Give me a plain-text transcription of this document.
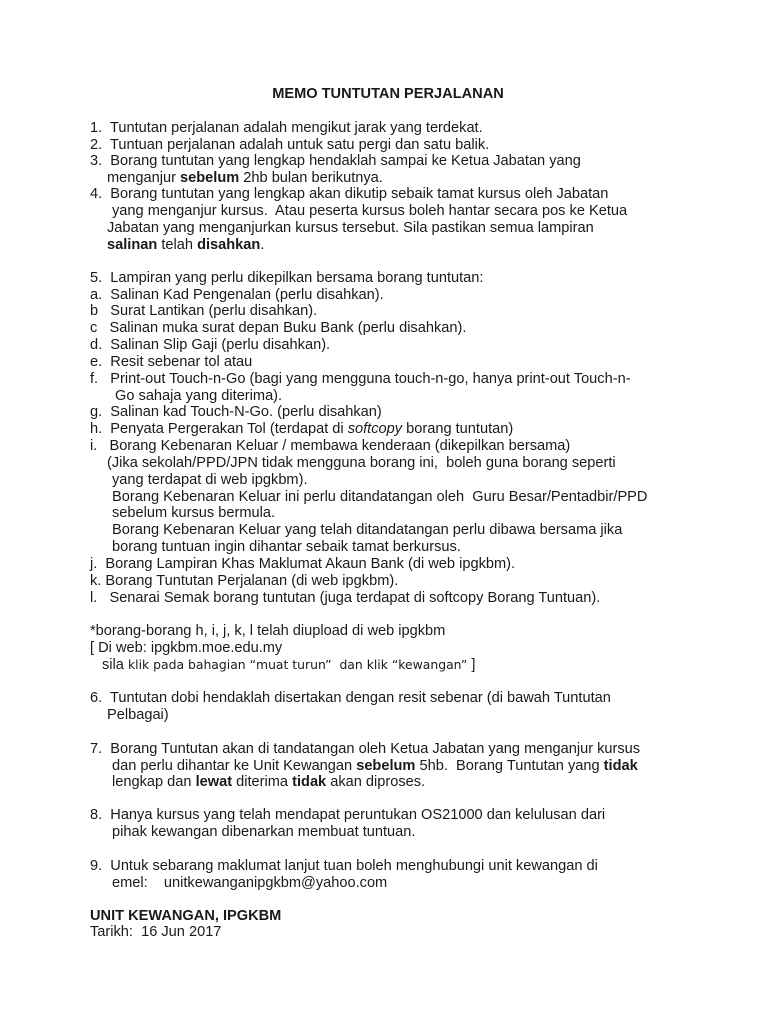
MEMO TUNTUTAN PERJALANAN
1.  Tuntutan perjalanan adalah mengikut jarak yang terdekat.
2.  Tuntuan perjalanan adalah untuk satu pergi dan satu balik.
3.  Borang tuntutan yang lengkap hendaklah sampai ke Ketua Jabatan yang
menganjur sebelum 2hb bulan berikutnya.
4.  Borang tuntutan yang lengkap akan dikutip sebaik tamat kursus oleh Jabatan
yang menganjur kursus.  Atau peserta kursus boleh hantar secara pos ke Ketua
Jabatan yang menganjurkan kursus tersebut. Sila pastikan semua lampiran
salinan telah disahkan.
5.  Lampiran yang perlu dikepilkan bersama borang tuntutan:
a.  Salinan Kad Pengenalan (perlu disahkan).
b   Surat Lantikan (perlu disahkan).
c   Salinan muka surat depan Buku Bank (perlu disahkan).
d.  Salinan Slip Gaji (perlu disahkan).
e.  Resit sebenar tol atau
f.   Print-out Touch-n-Go (bagi yang mengguna touch-n-go, hanya print-out Touch-n-
Go sahaja yang diterima).
g.  Salinan kad Touch-N-Go. (perlu disahkan)
h.  Penyata Pergerakan Tol (terdapat di softcopy borang tuntutan)
i.   Borang Kebenaran Keluar / membawa kenderaan (dikepilkan bersama)
(Jika sekolah/PPD/JPN tidak mengguna borang ini,  boleh guna borang seperti
yang terdapat di web ipgkbm).
Borang Kebenaran Keluar ini perlu ditandatangan oleh  Guru Besar/Pentadbir/PPD
sebelum kursus bermula.
Borang Kebenaran Keluar yang telah ditandatangan perlu dibawa bersama jika
borang tuntuan ingin dihantar sebaik tamat berkursus.
j.  Borang Lampiran Khas Maklumat Akaun Bank (di web ipgkbm).
k. Borang Tuntutan Perjalanan (di web ipgkbm).
l.   Senarai Semak borang tuntutan (juga terdapat di softcopy Borang Tuntuan).
*borang-borang h, i, j, k, l telah diupload di web ipgkbm
[ Di web: ipgkbm.moe.edu.my
sila klik pada bahagian “muat turun”  dan klik “kewangan” ]
6.  Tuntutan dobi hendaklah disertakan dengan resit sebenar (di bawah Tuntutan
Pelbagai)
7.  Borang Tuntutan akan di tandatangan oleh Ketua Jabatan yang menganjur kursus
dan perlu dihantar ke Unit Kewangan sebelum 5hb.  Borang Tuntutan yang tidak
lengkap dan lewat diterima tidak akan diproses.
8.  Hanya kursus yang telah mendapat peruntukan OS21000 dan kelulusan dari
pihak kewangan dibenarkan membuat tuntuan.
9.  Untuk sebarang maklumat lanjut tuan boleh menghubungi unit kewangan di
emel:    unitkewanganipgkbm@yahoo.com
UNIT KEWANGAN, IPGKBM
Tarikh:  16 Jun 2017
